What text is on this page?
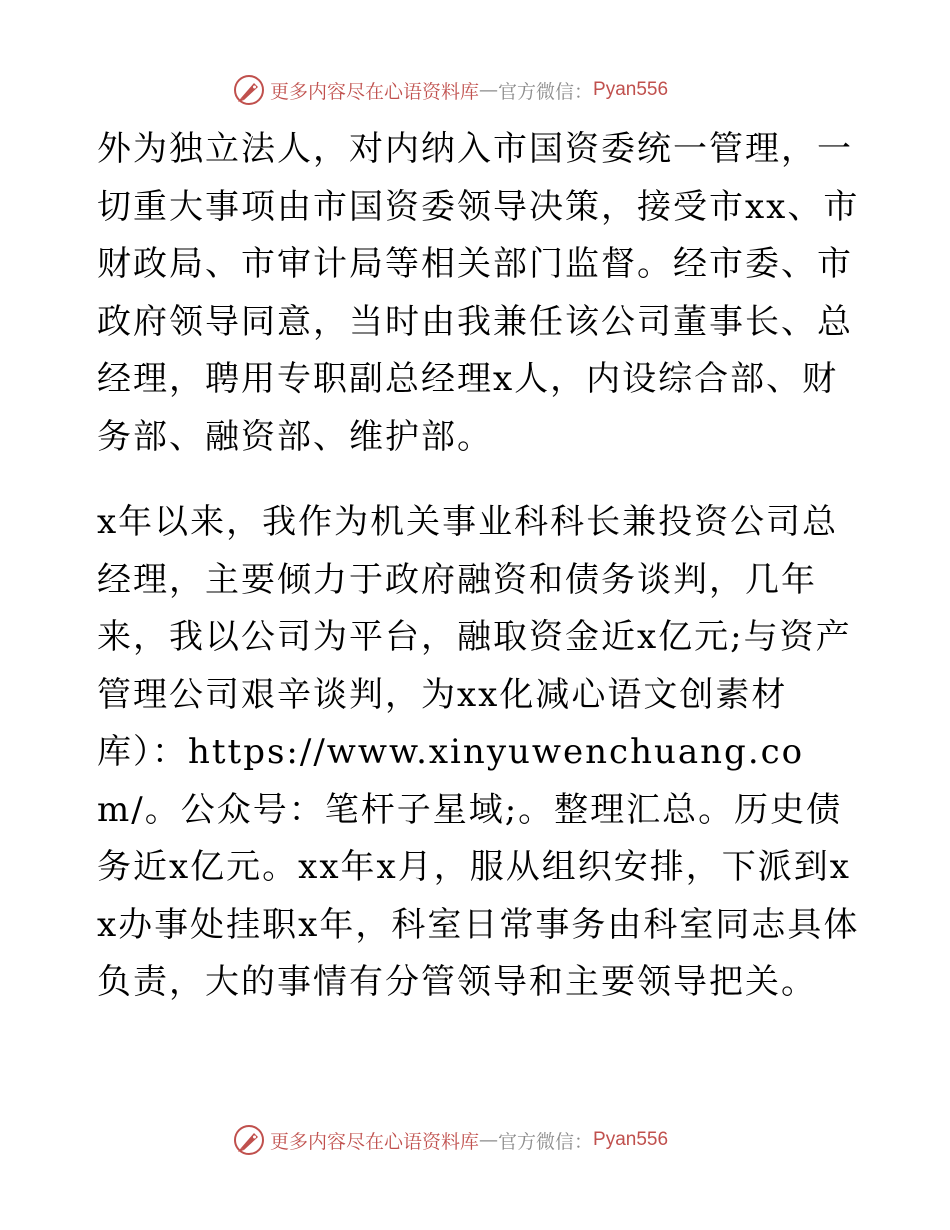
更多内容尽在心语资料库 — 官方微信： Pyan556

外为独立法人，对内纳入市国资委统一管理，一切重大事项由市国资委领导决策，接受市xx、市财政局、市审计局等相关部门监督。经市委、市政府领导同意，当时由我兼任该公司董事长、总经理，聘用专职副总经理x人，内设综合部、财务部、融资部、维护部。

x年以来，我作为机关事业科科长兼投资公司总经理，主要倾力于政府融资和债务谈判，几年来，我以公司为平台，融取资金近x亿元;与资产管理公司艰辛谈判，为xx化减心语文创素材库）：https://www.xinyuwenchuang.com/。公众号：笔杆子星域;。整理汇总。历史债务近x亿元。xx年x月，服从组织安排，下派到xx办事处挂职x年，科室日常事务由科室同志具体负责，大的事情有分管领导和主要领导把关。

更多内容尽在心语资料库 — 官方微信： Pyan556
